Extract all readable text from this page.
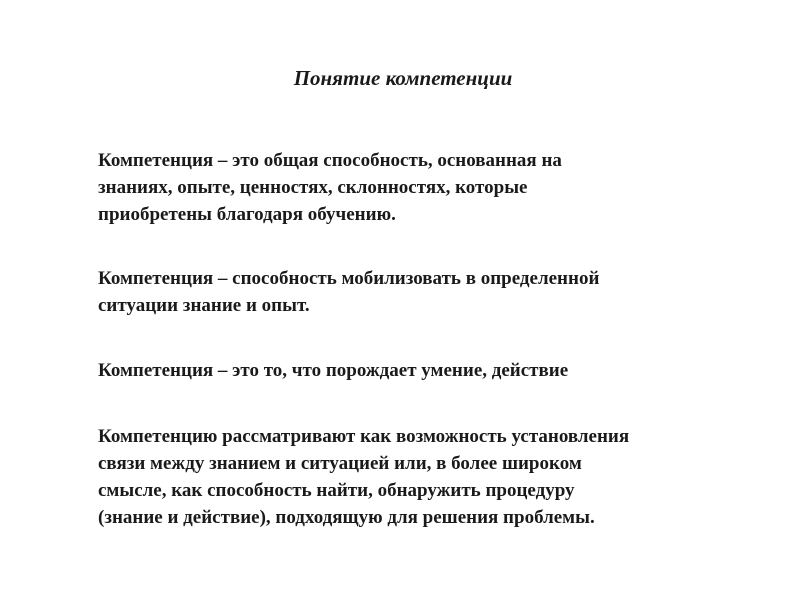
Понятие компетенции

Компетенция – это общая способность, основанная на
знаниях, опыте, ценностях, склонностях, которые
приобретены благодаря обучению.

Компетенция – способность мобилизовать в определенной
ситуации знание и опыт.

Компетенция – это то, что порождает умение, действие

Компетенцию рассматривают как возможность установления
связи между знанием и ситуацией или, в более широком
смысле, как способность найти, обнаружить процедуру
(знание и действие), подходящую для решения проблемы.
